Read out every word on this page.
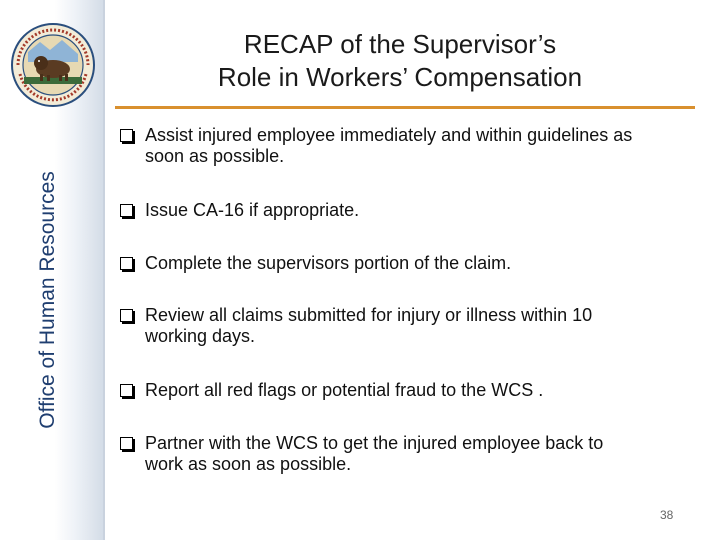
Office of Human Resources
RECAP of the Supervisor’s
Role in Workers’ Compensation
Assist injured employee immediately and within guidelines as
soon as possible.
Issue CA-16 if appropriate.
Complete the supervisors portion of the claim.
Review all claims submitted for injury or illness within 10
working days.
Report all red flags or potential fraud to the WCS .
Partner with the WCS to get the injured employee back to
work as soon as possible.
38
